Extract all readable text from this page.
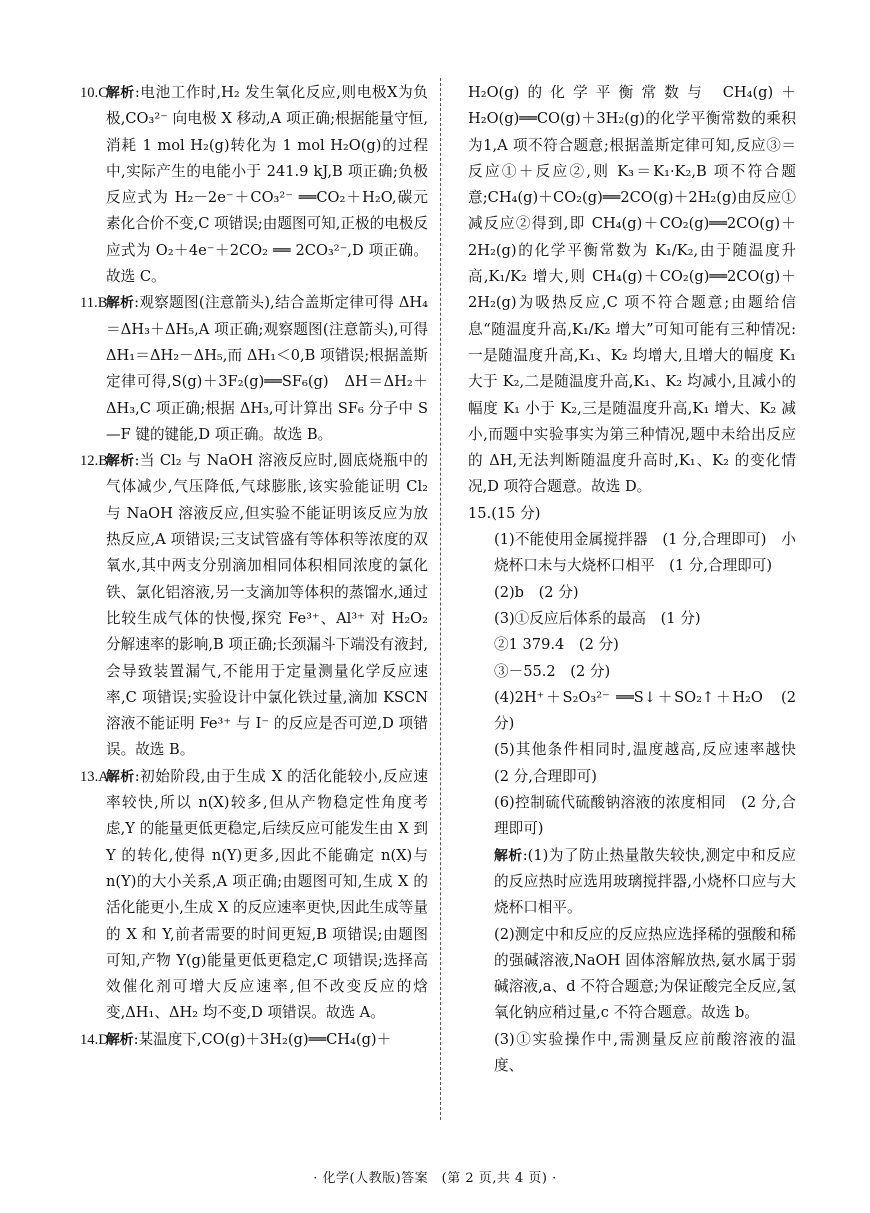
10.C
解析:电池工作时,H₂ 发生氧化反应,则电极X为负极,CO₃²⁻ 向电极 X 移动,A 项正确;根据能量守恒,消耗 1 mol H₂(g)转化为 1 mol H₂O(g)的过程中,实际产生的电能小于 241.9 kJ,B 项正确;负极反应式为 H₂－2e⁻＋CO₃²⁻ ══CO₂＋H₂O,碳元素化合价不变,C 项错误;由题图可知,正极的电极反应式为 O₂＋4e⁻＋2CO₂ ══ 2CO₃²⁻,D 项正确。故选 C。

11.B
解析:观察题图(注意箭头),结合盖斯定律可得 ΔH₄＝ΔH₃＋ΔH₅,A 项正确;观察题图(注意箭头),可得 ΔH₁＝ΔH₂－ΔH₅,而 ΔH₁＜0,B 项错误;根据盖斯定律可得,S(g)＋3F₂(g)══SF₆(g)　ΔH＝ΔH₂＋ΔH₃,C 项正确;根据 ΔH₃,可计算出 SF₆ 分子中 S—F 键的键能,D 项正确。故选 B。

12.B
解析:当 Cl₂ 与 NaOH 溶液反应时,圆底烧瓶中的气体减少,气压降低,气球膨胀,该实验能证明 Cl₂ 与 NaOH 溶液反应,但实验不能证明该反应为放热反应,A 项错误;三支试管盛有等体积等浓度的双氧水,其中两支分别滴加相同体积相同浓度的氯化铁、氯化铝溶液,另一支滴加等体积的蒸馏水,通过比较生成气体的快慢,探究 Fe³⁺、Al³⁺ 对 H₂O₂ 分解速率的影响,B 项正确;长颈漏斗下端没有液封,会导致装置漏气,不能用于定量测量化学反应速率,C 项错误;实验设计中氯化铁过量,滴加 KSCN 溶液不能证明 Fe³⁺ 与 I⁻ 的反应是否可逆,D 项错误。故选 B。

13.A
解析:初始阶段,由于生成 X 的活化能较小,反应速率较快,所以 n(X)较多,但从产物稳定性角度考虑,Y 的能量更低更稳定,后续反应可能发生由 X 到 Y 的转化,使得 n(Y)更多,因此不能确定 n(X)与 n(Y)的大小关系,A 项正确;由题图可知,生成 X 的活化能更小,生成 X 的反应速率更快,因此生成等量的 X 和 Y,前者需要的时间更短,B 项错误;由题图可知,产物 Y(g)能量更低更稳定,C 项错误;选择高效催化剂可增大反应速率,但不改变反应的焓变,ΔH₁、ΔH₂ 均不变,D 项错误。故选 A。

14.D
解析:某温度下,CO(g)＋3H₂(g)══CH₄(g)＋

H₂O(g)的化学平衡常数与 CH₄(g)＋H₂O(g)══CO(g)＋3H₂(g)的化学平衡常数的乘积为1,A 项不符合题意;根据盖斯定律可知,反应③＝反应①＋反应②,则 K₃＝K₁·K₂,B 项不符合题意;CH₄(g)＋CO₂(g)══2CO(g)＋2H₂(g)由反应①减反应②得到,即 CH₄(g)＋CO₂(g)══2CO(g)＋2H₂(g)的化学平衡常数为 K₁/K₂,由于随温度升高,K₁/K₂ 增大,则 CH₄(g)＋CO₂(g)══2CO(g)＋2H₂(g)为吸热反应,C 项不符合题意;由题给信息“随温度升高,K₁/K₂ 增大”可知可能有三种情况:一是随温度升高,K₁、K₂ 均增大,且增大的幅度 K₁ 大于 K₂,二是随温度升高,K₁、K₂ 均减小,且减小的幅度 K₁ 小于 K₂,三是随温度升高,K₁ 增大、K₂ 减小,而题中实验事实为第三种情况,题中未给出反应的 ΔH,无法判断随温度升高时,K₁、K₂ 的变化情况,D 项符合题意。故选 D。

15.(15 分)

(1)不能使用金属搅拌器　(1 分,合理即可)　小烧杯口未与大烧杯口相平　(1 分,合理即可)

(2)b　(2 分)

(3)①反应后体系的最高　(1 分)

②1 379.4　(2 分)

③－55.2　(2 分)

(4)2H⁺＋S₂O₃²⁻ ══S↓＋SO₂↑＋H₂O　(2 分)

(5)其他条件相同时,温度越高,反应速率越快　(2 分,合理即可)

(6)控制硫代硫酸钠溶液的浓度相同　(2 分,合理即可)

解析:(1)为了防止热量散失较快,测定中和反应的反应热时应选用玻璃搅拌器,小烧杯口应与大烧杯口相平。

(2)测定中和反应的反应热应选择稀的强酸和稀的强碱溶液,NaOH 固体溶解放热,氨水属于弱碱溶液,a、d 不符合题意;为保证酸完全反应,氢氧化钠应稍过量,c 不符合题意。故选 b。

(3)①实验操作中,需测量反应前酸溶液的温度、

· 化学(人教版)答案　(第 2 页,共 4 页) ·
